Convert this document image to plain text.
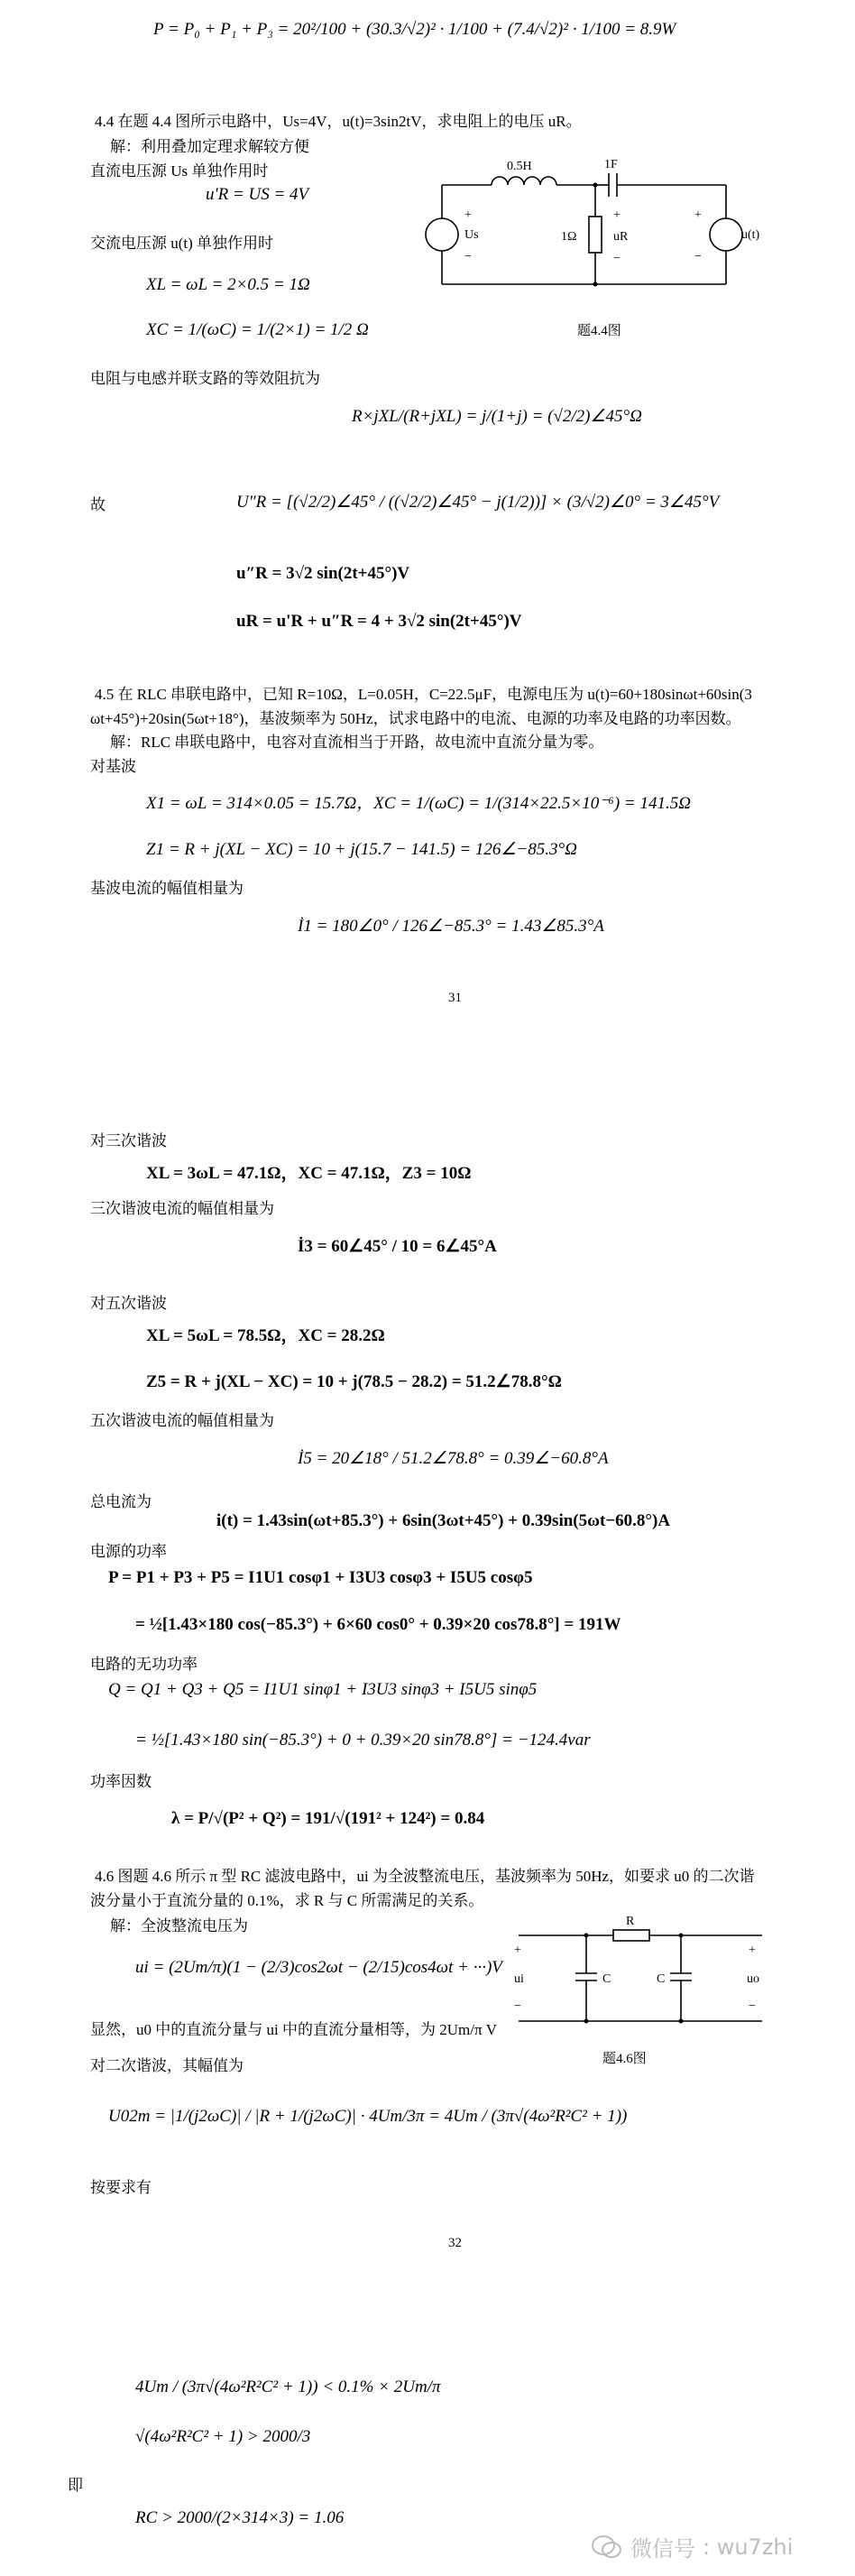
P = P₀ + P₁ + P₃ = 20²/100 + (30.3/√2)² · 1/100 + (7.4/√2)² · 1/100 = 8.9W
4.4 在题 4.4 图所示电路中，Us=4V，u(t)=3sin2tV，求电阻上的电压 uR。
解：利用叠加定理求解较方便
直流电压源 Us 单独作用时
u'R = US = 4V
交流电压源 u(t) 单独作用时
XL = ωL = 2×0.5 = 1Ω
XC = 1/(ωC) = 1/(2×1) = 1/2 Ω
电阻与电感并联支路的等效阻抗为
R×jXL/(R+jXL) = j/(1+j) = (√2/2)∠45°Ω
故	U″R = [(√2/2)∠45° / ((√2/2)∠45° − j(1/2))] × (3/√2)∠0° = 3∠45°V
u″R = 3√2 sin(2t+45°)V
uR = u'R + u″R = 4 + 3√2 sin(2t+45°)V
0.5H	1F
1Ω
+
Us
−
+
uR
−
+
u(t)
−
题4.4图
4.5 在 RLC 串联电路中，已知 R=10Ω，L=0.05H，C=22.5μF，电源电压为 u(t)=60+180sinωt+60sin(3
ωt+45°)+20sin(5ωt+18°)，基波频率为 50Hz，试求电路中的电流、电源的功率及电路的功率因数。
解：RLC 串联电路中，电容对直流相当于开路，故电流中直流分量为零。
对基波
X1 = ωL = 314×0.05 = 15.7Ω，XC = 1/(ωC) = 1/(314×22.5×10⁻⁶) = 141.5Ω
Z1 = R + j(XL − XC) = 10 + j(15.7 − 141.5) = 126∠−85.3°Ω
基波电流的幅值相量为
İ1 = 180∠0° / 126∠−85.3° = 1.43∠85.3°A
31
对三次谐波
XL = 3ωL = 47.1Ω，XC = 47.1Ω，Z3 = 10Ω
三次谐波电流的幅值相量为
İ3 = 60∠45° / 10 = 6∠45°A
对五次谐波
XL = 5ωL = 78.5Ω，XC = 28.2Ω
Z5 = R + j(XL − XC) = 10 + j(78.5 − 28.2) = 51.2∠78.8°Ω
五次谐波电流的幅值相量为
İ5 = 20∠18° / 51.2∠78.8° = 0.39∠−60.8°A
总电流为
i(t) = 1.43sin(ωt+85.3°) + 6sin(3ωt+45°) + 0.39sin(5ωt−60.8°)A
电源的功率
P = P1 + P3 + P5 = I1U1 cosφ1 + I3U3 cosφ3 + I5U5 cosφ5
= ½[1.43×180 cos(−85.3°) + 6×60 cos0° + 0.39×20 cos78.8°] = 191W
电路的无功功率
Q = Q1 + Q3 + Q5 = I1U1 sinφ1 + I3U3 sinφ3 + I5U5 sinφ5
= ½[1.43×180 sin(−85.3°) + 0 + 0.39×20 sin78.8°] = −124.4var
功率因数
λ = P/√(P² + Q²) = 191/√(191² + 124²) = 0.84
4.6 图题 4.6 所示 π 型 RC 滤波电路中，ui 为全波整流电压，基波频率为 50Hz，如要求 u0 的二次谐
波分量小于直流分量的 0.1%，求 R 与 C 所需满足的关系。
解：全波整流电压为
ui = (2Um/π)(1 − (2/3)cos2ωt − (2/15)cos4ωt + ···)V
显然，u0 中的直流分量与 ui 中的直流分量相等，为 2Um/π V
对二次谐波，其幅值为
U02m = |1/(j2ωC)| / |R + 1/(j2ωC)| · 4Um/3π = 4Um / (3π√(4ω²R²C² + 1))
按要求有
R
C	C
+
ui
−
+
uo
−
题4.6图
32
4Um / (3π√(4ω²R²C² + 1)) < 0.1% × 2Um/π
√(4ω²R²C² + 1) > 2000/3
即
RC > 2000/(2×314×3) = 1.06
微信号 : wu7zhi
